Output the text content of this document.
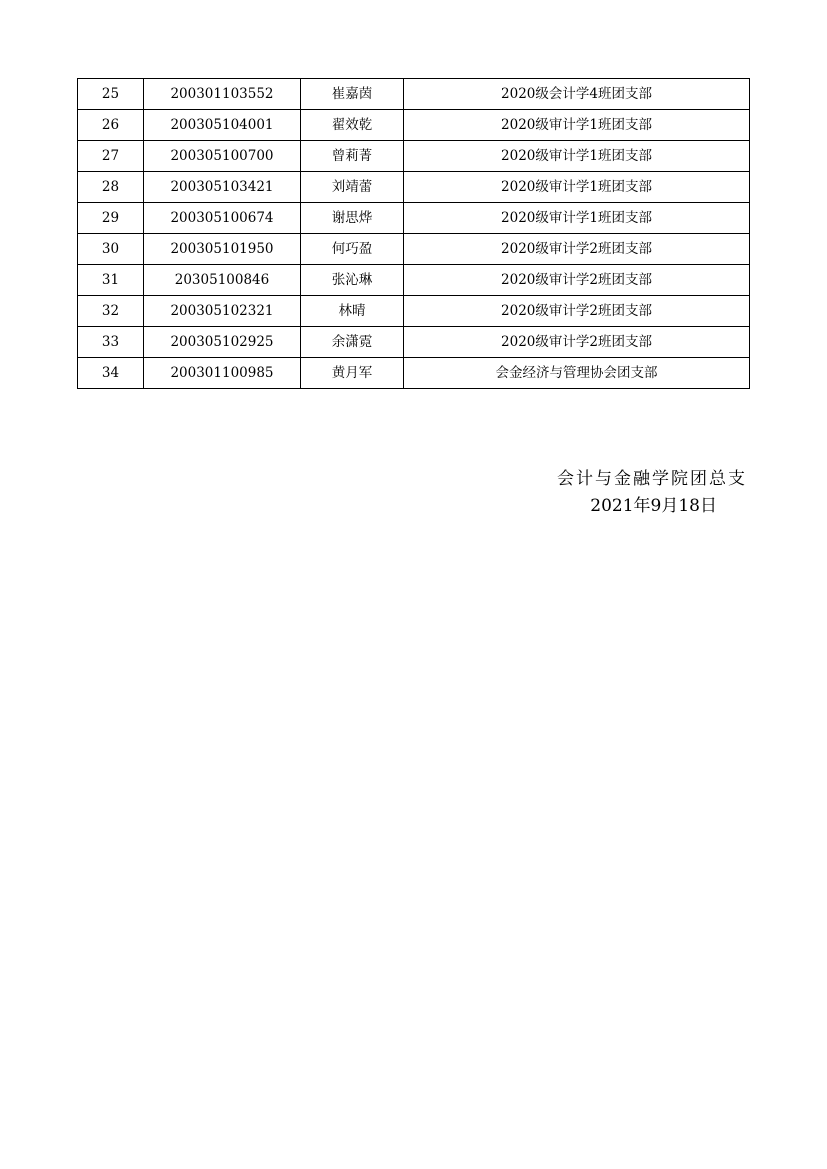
25	200301103552	崔嘉茵	2020级会计学4班团支部
26	200305104001	翟效乾	2020级审计学1班团支部
27	200305100700	曾莉菁	2020级审计学1班团支部
28	200305103421	刘靖蕾	2020级审计学1班团支部
29	200305100674	谢思烨	2020级审计学1班团支部
30	200305101950	何巧盈	2020级审计学2班团支部
31	20305100846	张沁琳	2020级审计学2班团支部
32	200305102321	林晴	2020级审计学2班团支部
33	200305102925	余潇霓	2020级审计学2班团支部
34	200301100985	黄月军	会金经济与管理协会团支部
会计与金融学院团总支
2021年9月18日
